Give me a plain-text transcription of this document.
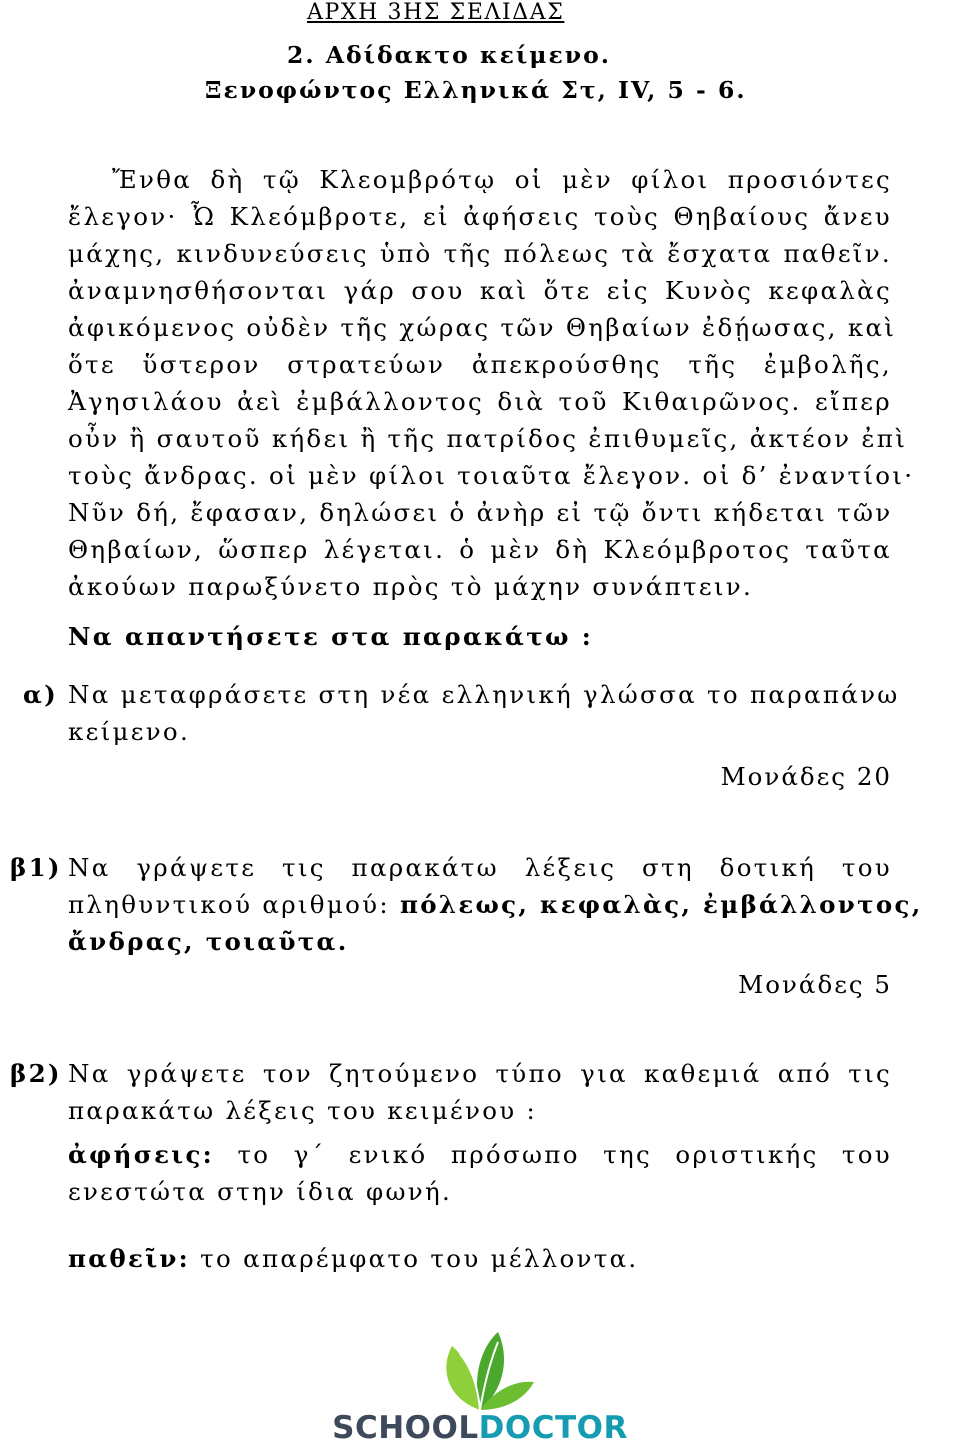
ΑΡΧΗ 3ΗΣ ΣΕΛΙΔΑΣ
2. Αδίδακτο κείμενο.
Ξενοφώντος Ελληνικά Στ, IV, 5 - 6.
Ἔνθα δὴ τῷ Κλεομβρότῳ οἱ μὲν φίλοι προσιόντες
ἔλεγον· Ὦ Κλεόμβροτε, εἰ ἀφήσεις τοὺς Θηβαίους ἄνευ
μάχης, κινδυνεύσεις ὑπὸ τῆς πόλεως τὰ ἔσχατα παθεῖν.
ἀναμνησθήσονται γάρ σου καὶ ὅτε εἰς Κυνὸς κεφαλὰς
ἀφικόμενος οὐδὲν τῆς χώρας τῶν Θηβαίων ἐδῄωσας, καὶ
ὅτε ὕστερον στρατεύων ἀπεκρούσθης τῆς ἐμβολῆς,
Ἀγησιλάου ἀεὶ ἐμβάλλοντος διὰ τοῦ Κιθαιρῶνος. εἴπερ
οὖν ἢ σαυτοῦ κήδει ἢ τῆς πατρίδος ἐπιθυμεῖς, ἀκτέον ἐπὶ
τοὺς ἄνδρας. οἱ μὲν φίλοι τοιαῦτα ἔλεγον. οἱ δ’ ἐναντίοι·
Νῦν δή, ἔφασαν, δηλώσει ὁ ἀνὴρ εἰ τῷ ὄντι κήδεται τῶν
Θηβαίων, ὥσπερ λέγεται. ὁ μὲν δὴ Κλεόμβροτος ταῦτα
ἀκούων παρωξύνετο πρὸς τὸ μάχην συνάπτειν.
Να απαντήσετε στα παρακάτω :
α) Να μεταφράσετε στη νέα ελληνική γλώσσα το παραπάνω
κείμενο.
Μονάδες 20
β1) Να γράψετε τις παρακάτω λέξεις στη δοτική του
πληθυντικού αριθμού: πόλεως, κεφαλὰς, ἐμβάλλοντος,
ἄνδρας, τοιαῦτα.
Μονάδες 5
β2) Να γράψετε τον ζητούμενο τύπο για καθεμιά από τις
παρακάτω λέξεις του κειμένου :
ἀφήσεις: το γ΄ ενικό πρόσωπο της οριστικής του
ενεστώτα στην ίδια φωνή.
παθεῖν: το απαρέμφατο του μέλλοντα.
SCHOOLDOCTOR
